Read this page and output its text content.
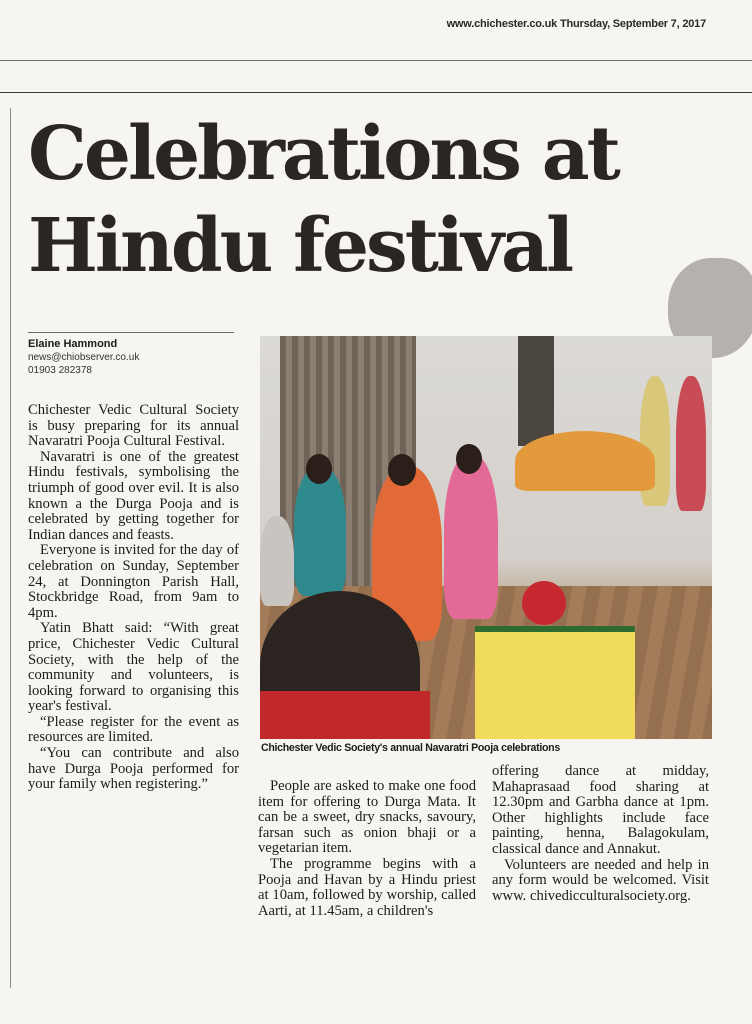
www.chichester.co.uk Thursday, September 7, 2017
Celebrations at Hindu festival
Elaine Hammond
news@chiobserver.co.uk
01903 282378

Chichester Vedic Cultural Society is busy preparing for its annual Navaratri Pooja Cultural Festival.

Navaratri is one of the greatest Hindu festivals, symbolising the triumph of good over evil. It is also known a the Durga Pooja and is celebrated by getting together for Indian dances and feasts.

Everyone is invited for the day of celebration on Sunday, September 24, at Donnington Parish Hall, Stockbridge Road, from 9am to 4pm.

Yatin Bhatt said: “With great price, Chichester Vedic Cultural Society, with the help of the community and volunteers, is looking forward to organising this year's festival.

“Please register for the event as resources are limited.

“You can contribute and also have Durga Pooja performed for your family when registering.”

Chichester Vedic Society's annual Navaratri Pooja celebrations

People are asked to make one food item for offering to Durga Mata. It can be a sweet, dry snacks, savoury, farsan such as onion bhaji or a vegetarian item.

The programme begins with a Pooja and Havan by a Hindu priest at 10am, followed by worship, called Aarti, at 11.45am, a children's

offering dance at midday, Mahaprasaad food sharing at 12.30pm and Garbha dance at 1pm. Other highlights include face painting, henna, Balagokulam, classical dance and Annakut.

Volunteers are needed and help in any form would be welcomed. Visit www. chivedicculturalsociety.org.
